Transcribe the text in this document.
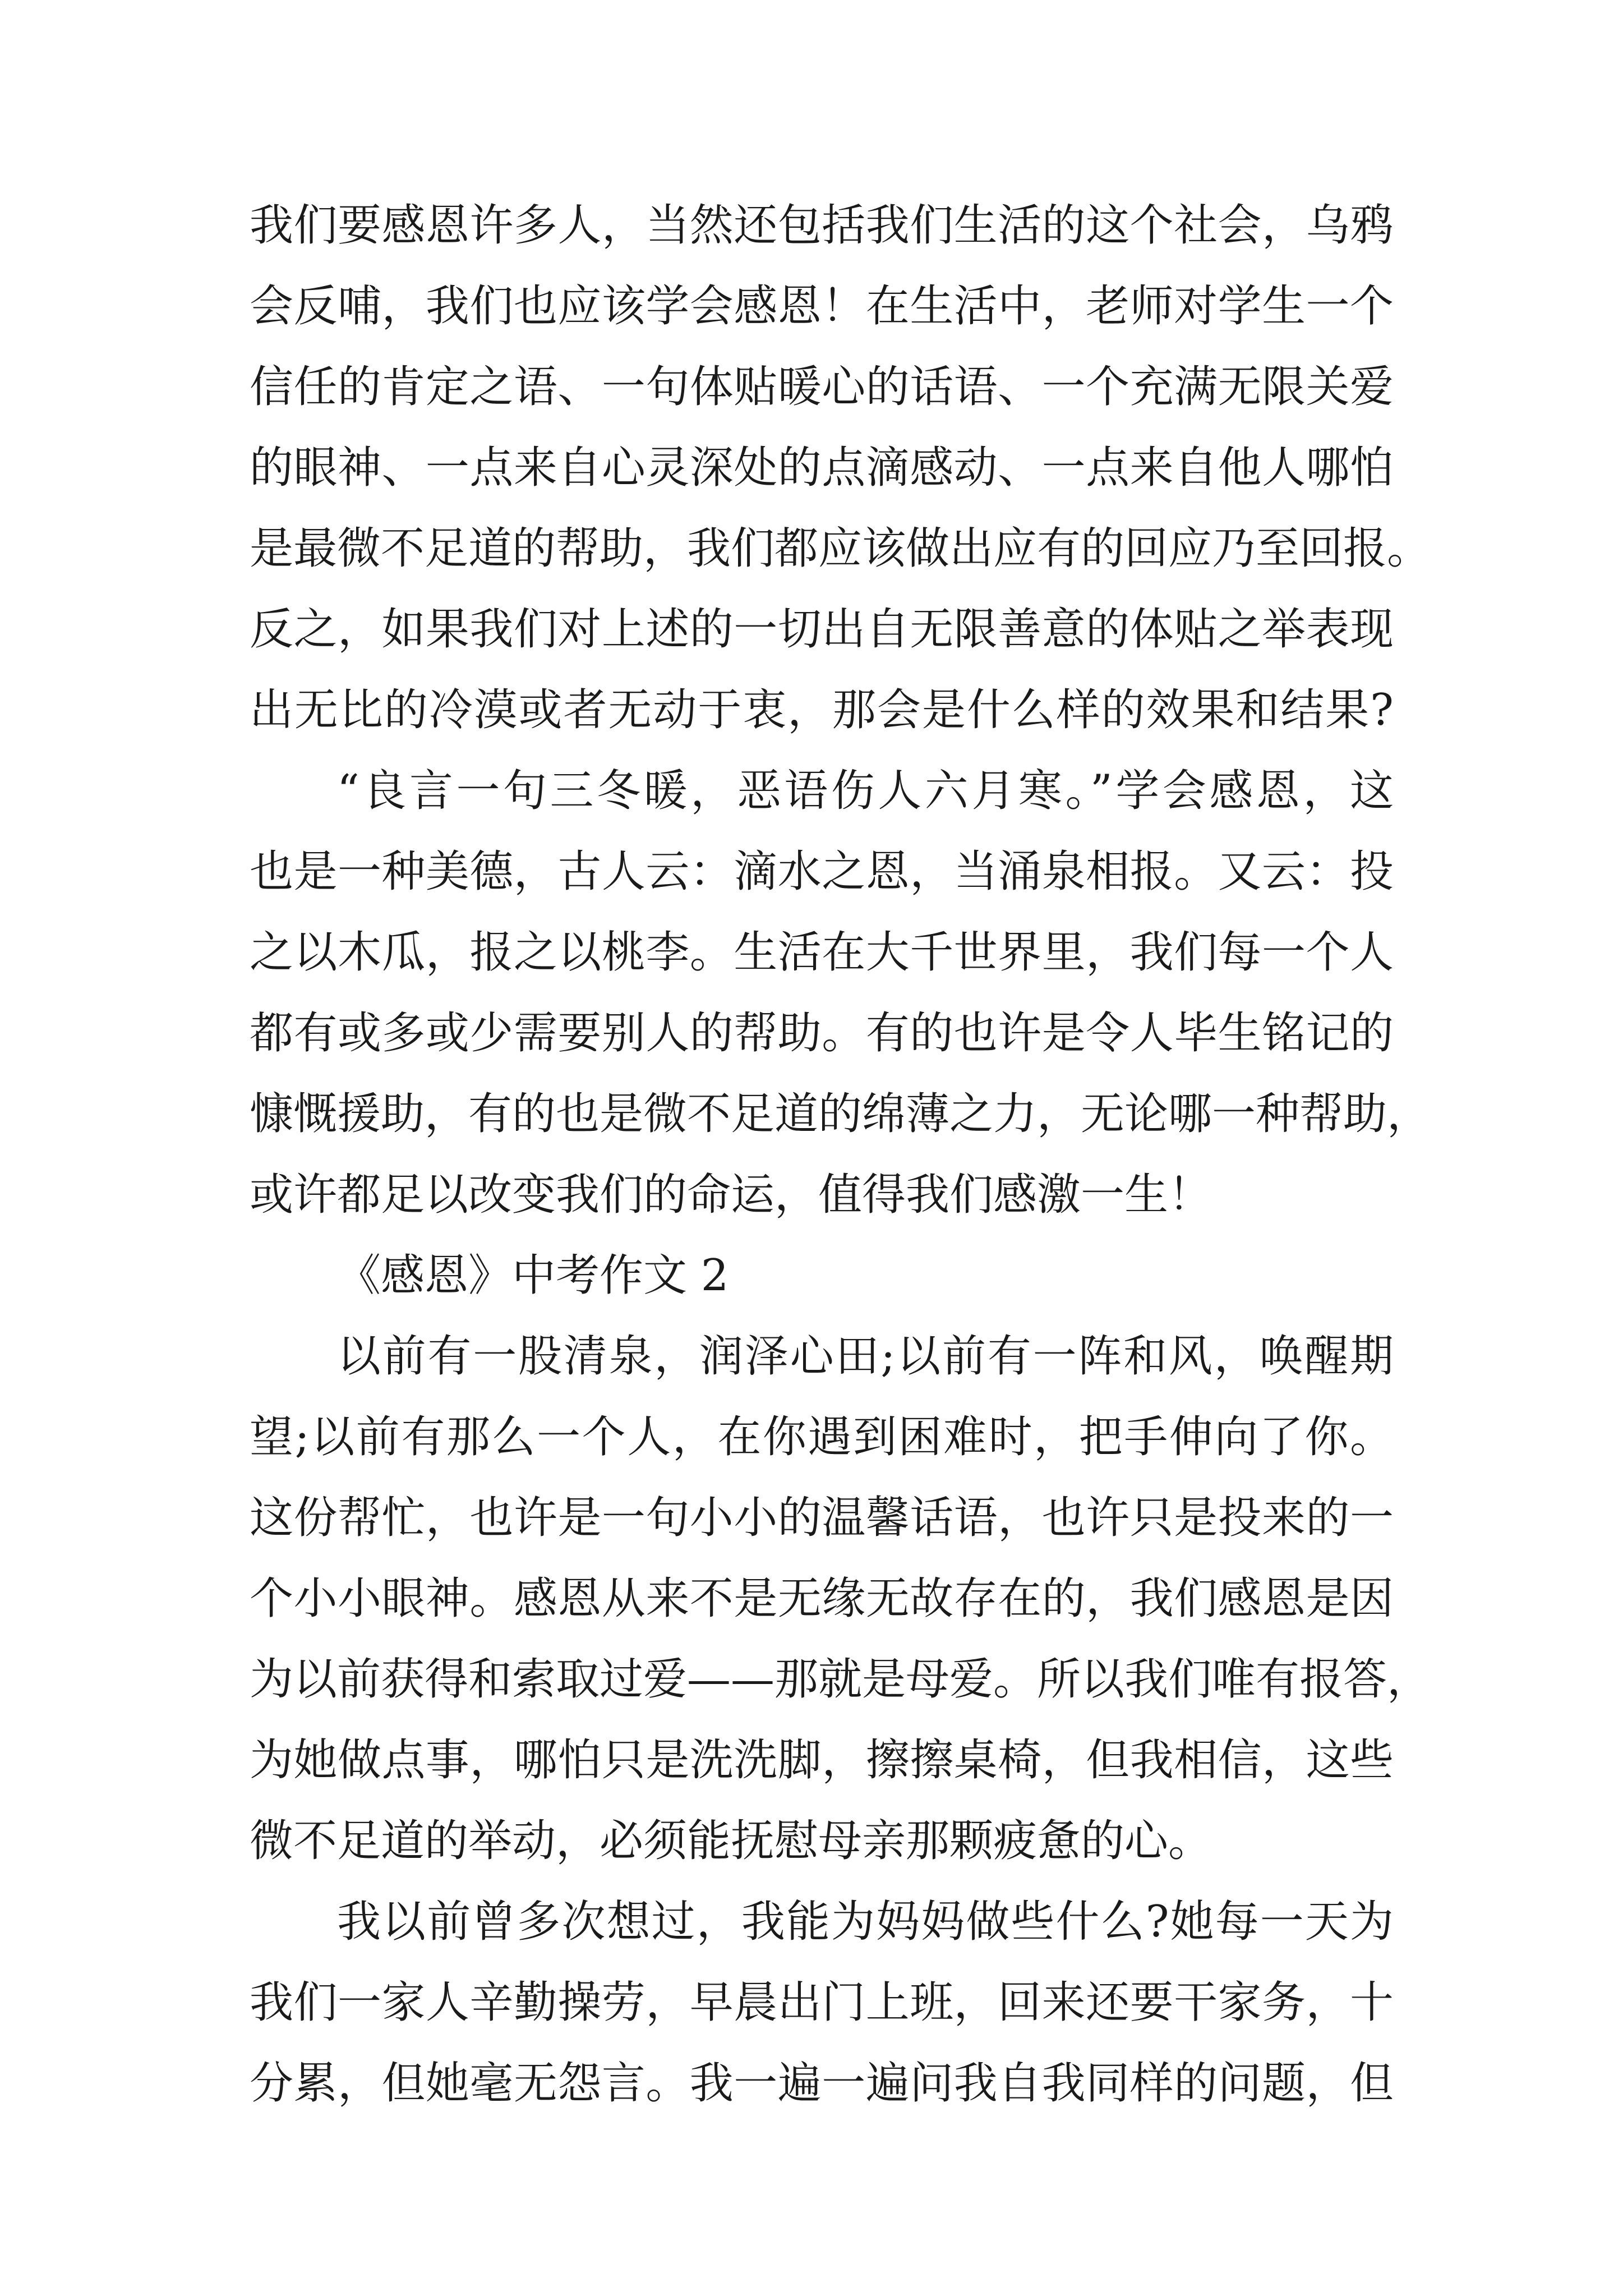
我们要感恩许多人，当然还包括我们生活的这个社会，乌鸦
会反哺，我们也应该学会感恩！在生活中，老师对学生一个
信任的肯定之语、一句体贴暖心的话语、一个充满无限关爱
的眼神、一点来自心灵深处的点滴感动、一点来自他人哪怕
是最微不足道的帮助，我们都应该做出应有的回应乃至回报。
反之，如果我们对上述的一切出自无限善意的体贴之举表现
出无比的冷漠或者无动于衷，那会是什么样的效果和结果?
“良言一句三冬暖，恶语伤人六月寒。”学会感恩，这
也是一种美德，古人云：滴水之恩，当涌泉相报。又云：投
之以木瓜，报之以桃李。生活在大千世界里，我们每一个人
都有或多或少需要别人的帮助。有的也许是令人毕生铭记的
慷慨援助，有的也是微不足道的绵薄之力，无论哪一种帮助，
或许都足以改变我们的命运，值得我们感激一生！
《感恩》中考作文 2
以前有一股清泉，润泽心田;以前有一阵和风，唤醒期
望;以前有那么一个人，在你遇到困难时，把手伸向了你。
这份帮忙，也许是一句小小的温馨话语，也许只是投来的一
个小小眼神。感恩从来不是无缘无故存在的，我们感恩是因
为以前获得和索取过爱——那就是母爱。所以我们唯有报答，
为她做点事，哪怕只是洗洗脚，擦擦桌椅，但我相信，这些
微不足道的举动，必须能抚慰母亲那颗疲惫的心。
我以前曾多次想过，我能为妈妈做些什么?她每一天为
我们一家人辛勤操劳，早晨出门上班，回来还要干家务，十
分累，但她毫无怨言。我一遍一遍问我自我同样的问题，但
